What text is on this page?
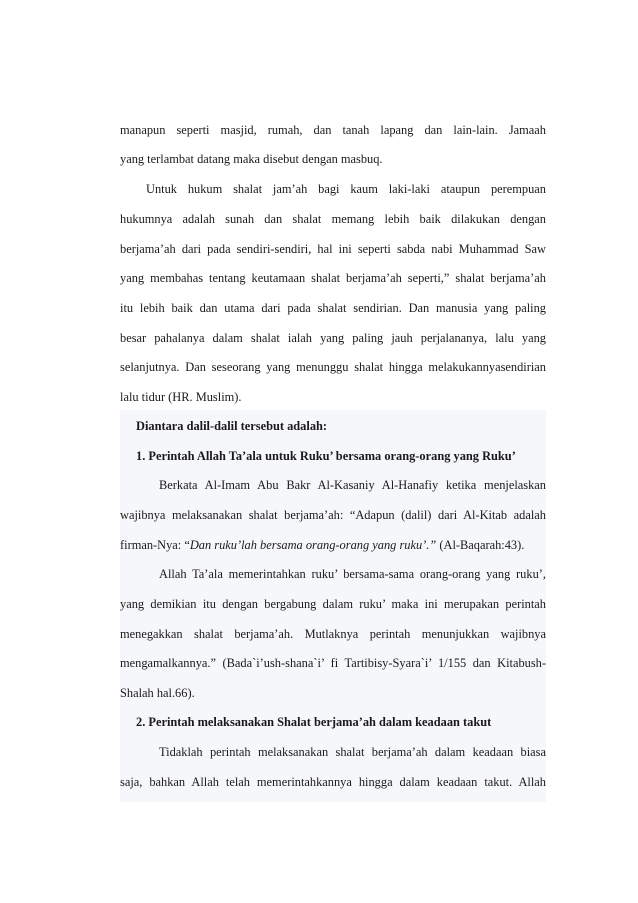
manapun seperti masjid, rumah, dan tanah lapang dan lain-lain. Jamaah
yang terlambat datang maka disebut dengan masbuq.
Untuk hukum shalat jam’ah bagi kaum laki-laki ataupun perempuan
hukumnya adalah sunah dan shalat memang lebih baik dilakukan dengan
berjama’ah dari pada sendiri-sendiri, hal ini seperti sabda nabi Muhammad Saw
yang membahas tentang keutamaan shalat berjama’ah seperti,” shalat berjama’ah
itu lebih baik dan utama dari pada shalat sendirian. Dan manusia yang paling
besar pahalanya dalam shalat ialah yang paling jauh perjalananya, lalu yang
selanjutnya. Dan seseorang yang menunggu shalat hingga melakukannyasendirian
lalu tidur (HR. Muslim).
Diantara dalil-dalil tersebut adalah:
1. Perintah Allah Ta’ala untuk Ruku’ bersama orang-orang yang Ruku’
Berkata Al-Imam Abu Bakr Al-Kasaniy Al-Hanafiy ketika menjelaskan
wajibnya melaksanakan shalat berjama’ah: “Adapun (dalil) dari Al-Kitab adalah
firman-Nya: “Dan ruku’lah bersama orang-orang yang ruku’.” (Al-Baqarah:43).
Allah Ta’ala memerintahkan ruku’ bersama-sama orang-orang yang ruku’,
yang demikian itu dengan bergabung dalam ruku’ maka ini merupakan perintah
menegakkan shalat berjama’ah. Mutlaknya perintah menunjukkan wajibnya
mengamalkannya.” (Bada`i’ush-shana`i’ fi Tartibisy-Syara`i’ 1/155 dan Kitabush-
Shalah hal.66).
2. Perintah melaksanakan Shalat berjama’ah dalam keadaan takut
Tidaklah perintah melaksanakan shalat berjama’ah dalam keadaan biasa
saja, bahkan Allah telah memerintahkannya hingga dalam keadaan takut. Allah
